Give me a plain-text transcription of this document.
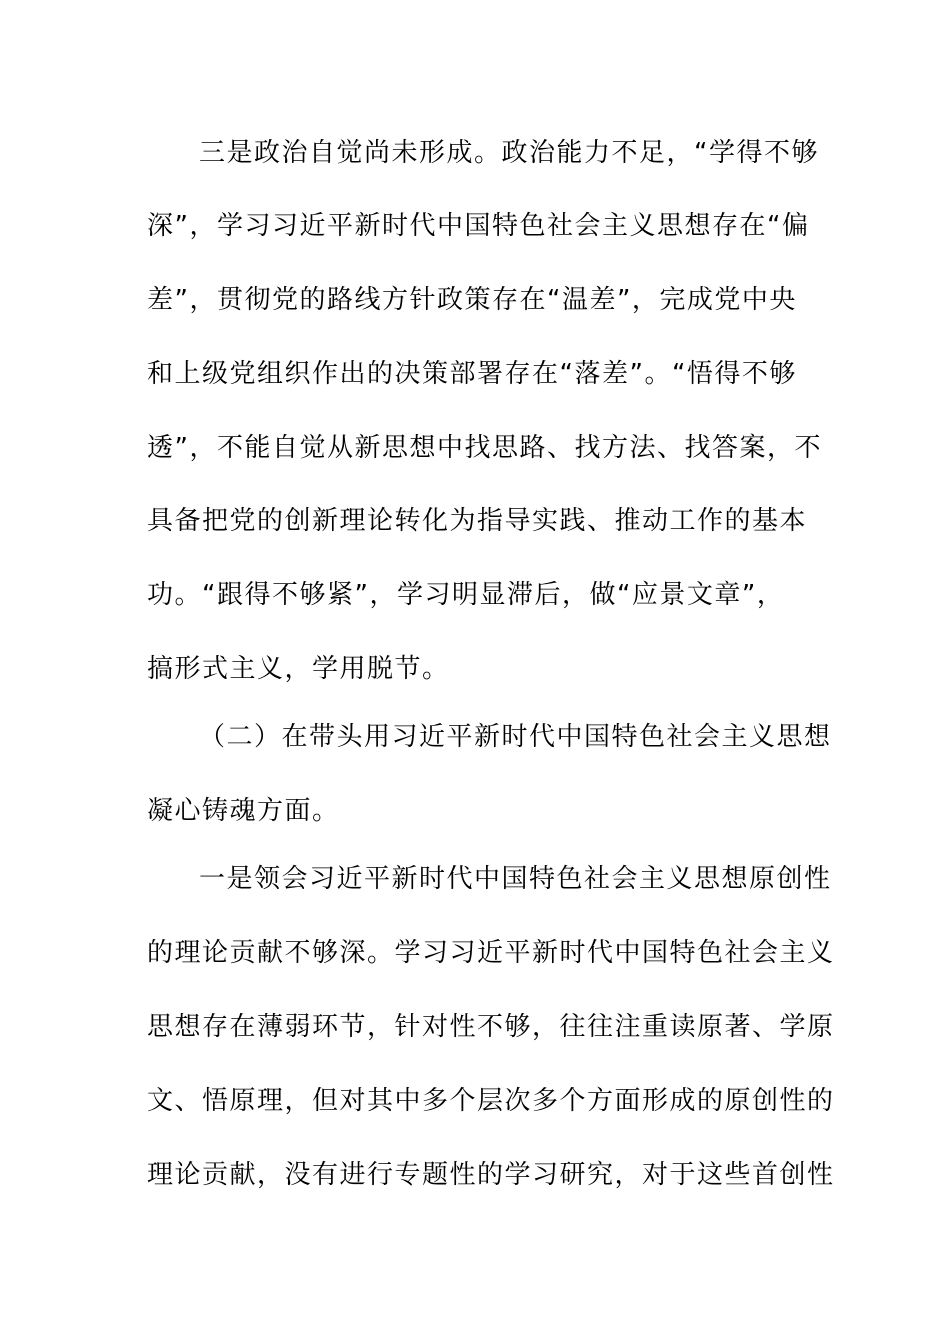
三是政治自觉尚未形成。政治能力不足，“学得不够
深”，学习习近平新时代中国特色社会主义思想存在“偏
差”，贯彻党的路线方针政策存在“温差”，完成党中央
和上级党组织作出的决策部署存在“落差”。“悟得不够
透”，不能自觉从新思想中找思路、找方法、找答案，不
具备把党的创新理论转化为指导实践、推动工作的基本
功。“跟得不够紧”，学习明显滞后，做“应景文章”，
搞形式主义，学用脱节。
（二）在带头用习近平新时代中国特色社会主义思想
凝心铸魂方面。
一是领会习近平新时代中国特色社会主义思想原创性
的理论贡献不够深。学习习近平新时代中国特色社会主义
思想存在薄弱环节，针对性不够，往往注重读原著、学原
文、悟原理，但对其中多个层次多个方面形成的原创性的
理论贡献，没有进行专题性的学习研究，对于这些首创性
